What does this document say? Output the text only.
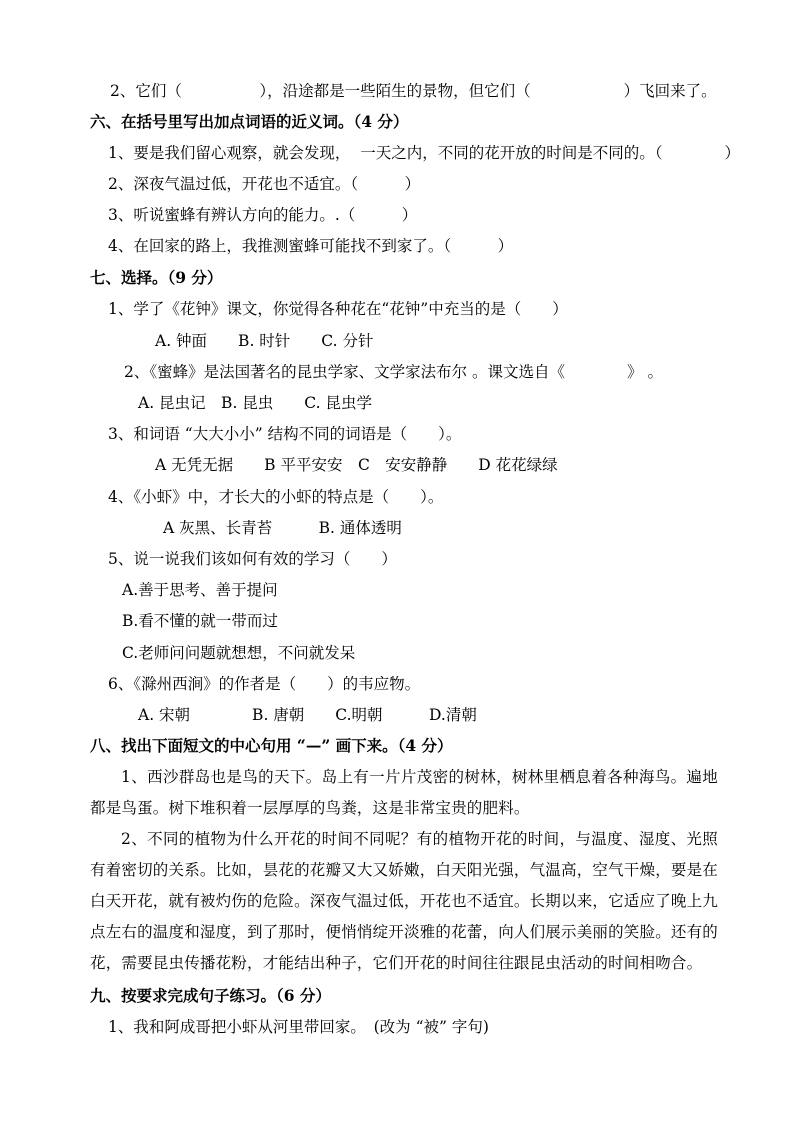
2、它们（　　　　　），沿途都是一些陌生的景物，但它们（　　　　　　）飞回来了。
六、在括号里写出加点词语的近义词。（4 分）
1、要是我们留心观察，就会发现，  一天之内，不同的花开放的时间是不同的。（　　　　）
2、深夜气温过低，开花也不适宜。（　　　）
3、听说蜜蜂有辨认方向的能力。.（　　　）
4、在回家的路上，我推测蜜蜂可能找不到家了。（　　　）
七、选择。（9 分）
1、学了《花钟》课文，你觉得各种花在“花钟”中充当的是（　　）
A. 钟面　　B. 时针　　C. 分针
2、《蜜蜂》是法国著名的昆虫学家、文学家法布尔 。课文选自《　　　　》 。
A. 昆虫记　B. 昆虫　　C. 昆虫学
3、和词语 “大大小小” 结构不同的词语是（　　）。
A 无凭无据　　B 平平安安　C　安安静静　　D 花花绿绿
4、《小虾》中，才长大的小虾的特点是（　　）。
A 灰黑、长青苔　　　B. 通体透明
5、说一说我们该如何有效的学习（　　）
A.善于思考、善于提问
B.看不懂的就一带而过
C.老师问问题就想想，不问就发呆
6、《滁州西涧》的作者是（　　）的韦应物。
A. 宋朝　　　　B. 唐朝　　C.明朝　　　D.清朝
八、找出下面短文的中心句用 “—” 画下来。（4 分）
1、西沙群岛也是鸟的天下。岛上有一片片茂密的树林，树林里栖息着各种海鸟。遍地都是鸟蛋。树下堆积着一层厚厚的鸟粪，这是非常宝贵的肥料。
2、不同的植物为什么开花的时间不同呢？有的植物开花的时间，与温度、湿度、光照有着密切的关系。比如，昙花的花瓣又大又娇嫩，白天阳光强，气温高，空气干燥，要是在白天开花，就有被灼伤的危险。深夜气温过低，开花也不适宜。长期以来，它适应了晚上九点左右的温度和湿度，到了那时，便悄悄绽开淡雅的花蕾，向人们展示美丽的笑脸。还有的花，需要昆虫传播花粉，才能结出种子，它们开花的时间往往跟昆虫活动的时间相吻合。
九、按要求完成句子练习。（6 分）
1、我和阿成哥把小虾从河里带回家。　(改为 “被” 字句)
